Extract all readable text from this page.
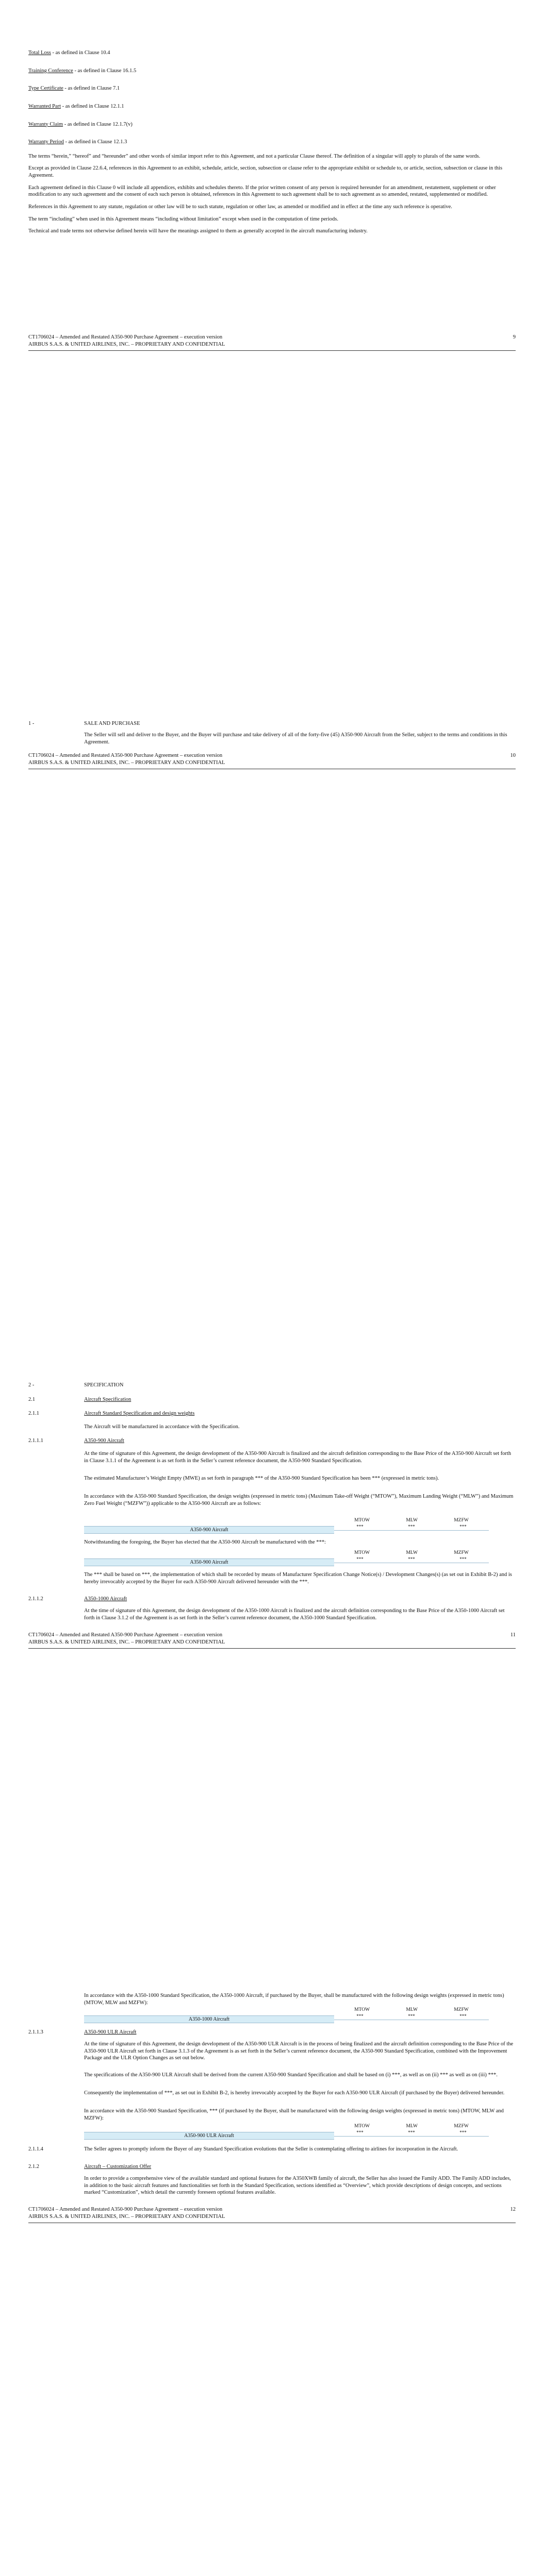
Total Loss - as defined in Clause 10.4

Training Conference - as defined in Clause 16.1.5

Type Certificate - as defined in Clause 7.1

Warranted Part - as defined in Clause 12.1.1

Warranty Claim - as defined in Clause 12.1.7(v)

Warranty Period - as defined in Clause 12.1.3

The terms “herein,” “hereof” and “hereunder” and other words of similar import refer to this Agreement, and not a particular Clause thereof. The definition of a singular will apply to plurals of the same words.

Except as provided in Clause 22.6.4, references in this Agreement to an exhibit, schedule, article, section, subsection or clause refer to the appropriate exhibit or schedule to, or article, section, subsection or clause in this Agreement.

Each agreement defined in this Clause 0 will include all appendices, exhibits and schedules thereto. If the prior written consent of any person is required hereunder for an amendment, restatement, supplement or other modification to any such agreement and the consent of each such person is obtained, references in this Agreement to such agreement shall be to such agreement as so amended, restated, supplemented or modified.

References in this Agreement to any statute, regulation or other law will be to such statute, regulation or other law, as amended or modified and in effect at the time any such reference is operative.

The term “including” when used in this Agreement means “including without limitation” except when used in the computation of time periods.

Technical and trade terms not otherwise defined herein will have the meanings assigned to them as generally accepted in the aircraft manufacturing industry.

CT1706024 – Amended and Restated A350-900 Purchase Agreement – execution version	9
AIRBUS S.A.S. & UNITED AIRLINES, INC. – PROPRIETARY AND CONFIDENTIAL
1 -	SALE AND PURCHASE
The Seller will sell and deliver to the Buyer, and the Buyer will purchase and take delivery of all of the forty-five (45) A350-900 Aircraft from the Seller, subject to the terms and conditions in this Agreement.
CT1706024 – Amended and Restated A350-900 Purchase Agreement – execution version	10
AIRBUS S.A.S. & UNITED AIRLINES, INC. – PROPRIETARY AND CONFIDENTIAL
2 -	SPECIFICATION
2.1	Aircraft Specification
2.1.1	Aircraft Standard Specification and design weights
The Aircraft will be manufactured in accordance with the Specification.
2.1.1.1	A350-900 Aircraft
At the time of signature of this Agreement, the design development of the A350-900 Aircraft is finalized and the aircraft definition corresponding to the Base Price of the A350-900 Aircraft set forth in Clause 3.1.1 of the Agreement is as set forth in the Seller’s current reference document, the A350-900 Standard Specification.
The estimated Manufacturer’s Weight Empty (MWE) as set forth in paragraph *** of the A350-900 Standard Specification has been *** (expressed in metric tons).
In accordance with the A350-900 Standard Specification, the design weights (expressed in metric tons) (Maximum Take-off Weight (“MTOW”), Maximum Landing Weight (“MLW”) and Maximum Zero Fuel Weight (“MZFW”)) applicable to the A350-900 Aircraft are as follows:
MTOW	MLW	MZFW
***	***	***
A350-900 Aircraft
Notwithstanding the foregoing, the Buyer has elected that the A350-900 Aircraft be manufactured with the ***:
MTOW	MLW	MZFW
***	***	***
A350-900 Aircraft
The *** shall be based on ***, the implementation of which shall be recorded by means of Manufacturer Specification Change Notice(s) / Development Changes(s) (as set out in Exhibit B-2) and is hereby irrevocably accepted by the Buyer for each A350-900 Aircraft delivered hereunder with the ***.
2.1.1.2	A350-1000 Aircraft
At the time of signature of this Agreement, the design development of the A350-1000 Aircraft is finalized and the aircraft definition corresponding to the Base Price of the A350-1000 Aircraft set forth in Clause 3.1.2 of the Agreement is as set forth in the Seller’s current reference document, the A350-1000 Standard Specification.
CT1706024 – Amended and Restated A350-900 Purchase Agreement – execution version	11
AIRBUS S.A.S. & UNITED AIRLINES, INC. – PROPRIETARY AND CONFIDENTIAL
In accordance with the A350-1000 Standard Specification, the A350-1000 Aircraft, if purchased by the Buyer, shall be manufactured with the following design weights (expressed in metric tons) (MTOW, MLW and MZFW):
MTOW	MLW	MZFW
***	***	***
A350-1000 Aircraft
2.1.1.3	A350-900 ULR Aircraft
At the time of signature of this Agreement, the design development of the A350-900 ULR Aircraft is in the process of being finalized and the aircraft definition corresponding to the Base Price of the A350-900 ULR Aircraft set forth in Clause 3.1.3 of the Agreement is as set forth in the Seller’s current reference document, the A350-900 Standard Specification, combined with the Improvement Package and the ULR Option Changes as set out below.
The specifications of the A350-900 ULR Aircraft shall be derived from the current A350-900 Standard Specification and shall be based on (i) ***, as well as on (ii) *** as well as on (iii) ***.
Consequently the implementation of ***, as set out in Exhibit B-2, is hereby irrevocably accepted by the Buyer for each A350-900 ULR Aircraft (if purchased by the Buyer) delivered hereunder.
In accordance with the A350-900 Standard Specification, *** (if purchased by the Buyer, shall be manufactured with the following design weights (expressed in metric tons) (MTOW, MLW and MZFW):
MTOW	MLW	MZFW
***	***	***
A350-900 ULR Aircraft
2.1.1.4	The Seller agrees to promptly inform the Buyer of any Standard Specification evolutions that the Seller is contemplating offering to airlines for incorporation in the Aircraft.
2.1.2	Aircraft – Customization Offer
In order to provide a comprehensive view of the available standard and optional features for the A350XWB family of aircraft, the Seller has also issued the Family ADD. The Family ADD includes, in addition to the basic aircraft features and functionalities set forth in the Standard Specification, sections identified as “Overview”, which provide descriptions of design concepts, and sections marked “Customization”, which detail the currently foreseen optional features available.
CT1706024 – Amended and Restated A350-900 Purchase Agreement – execution version	12
AIRBUS S.A.S. & UNITED AIRLINES, INC. – PROPRIETARY AND CONFIDENTIAL
